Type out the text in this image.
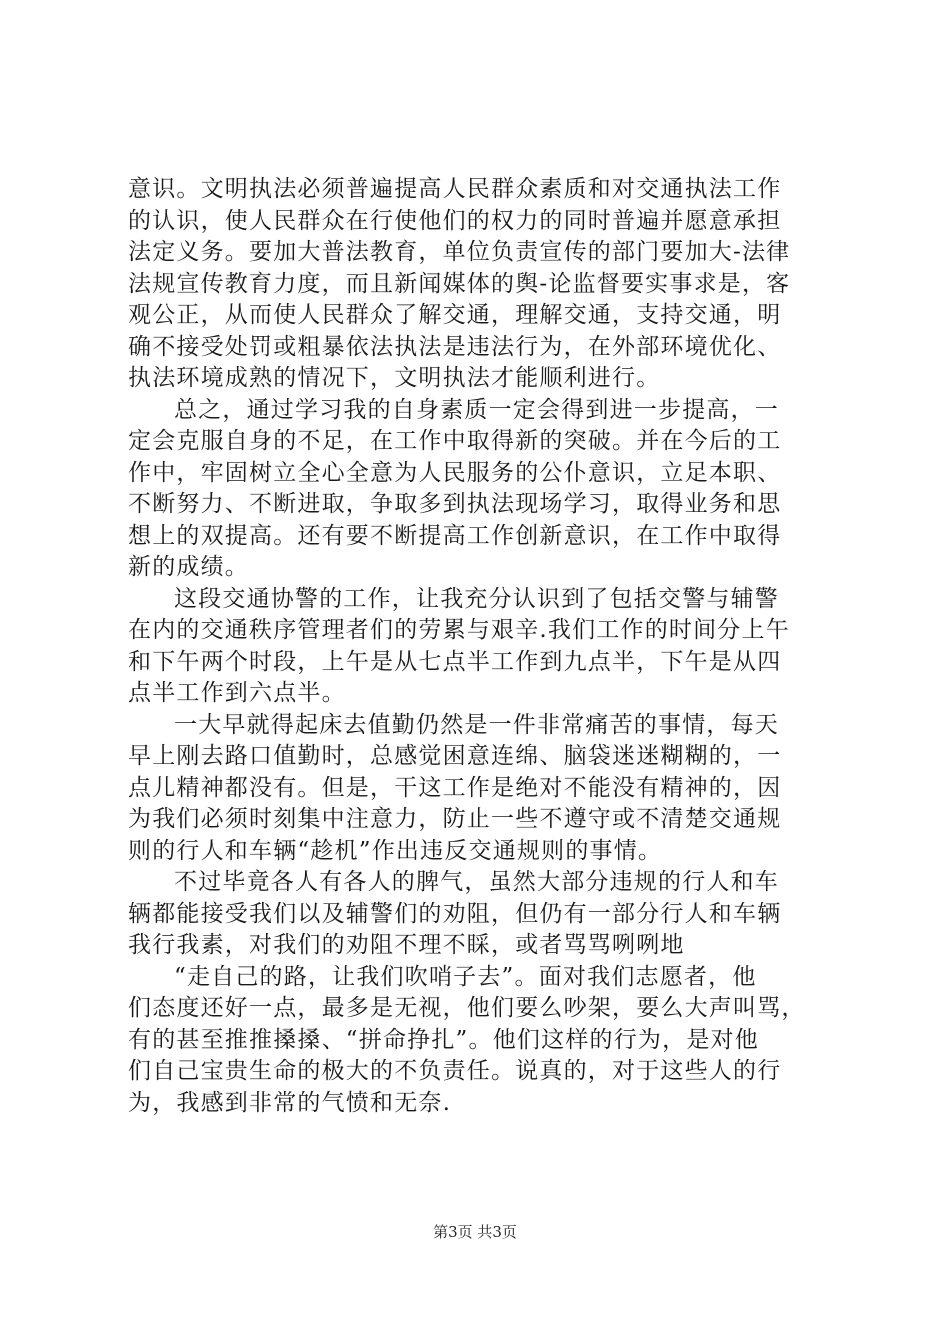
意识。文明执法必须普遍提高人民群众素质和对交通执法工作
的认识，使人民群众在行使他们的权力的同时普遍并愿意承担
法定义务。要加大普法教育，单位负责宣传的部门要加大-法律
法规宣传教育力度，而且新闻媒体的舆-论监督要实事求是，客
观公正，从而使人民群众了解交通，理解交通，支持交通，明
确不接受处罚或粗暴依法执法是违法行为，在外部环境优化、
执法环境成熟的情况下，文明执法才能顺利进行。
总之，通过学习我的自身素质一定会得到进一步提高，一
定会克服自身的不足，在工作中取得新的突破。并在今后的工
作中，牢固树立全心全意为人民服务的公仆意识，立足本职、
不断努力、不断进取，争取多到执法现场学习，取得业务和思
想上的双提高。还有要不断提高工作创新意识，在工作中取得
新的成绩。
这段交通协警的工作，让我充分认识到了包括交警与辅警
在内的交通秩序管理者们的劳累与艰辛.我们工作的时间分上午
和下午两个时段，上午是从七点半工作到九点半，下午是从四
点半工作到六点半。
一大早就得起床去值勤仍然是一件非常痛苦的事情，每天
早上刚去路口值勤时，总感觉困意连绵、脑袋迷迷糊糊的，一
点儿精神都没有。但是，干这工作是绝对不能没有精神的，因
为我们必须时刻集中注意力，防止一些不遵守或不清楚交通规
则的行人和车辆“趁机”作出违反交通规则的事情。
不过毕竟各人有各人的脾气，虽然大部分违规的行人和车
辆都能接受我们以及辅警们的劝阻，但仍有一部分行人和车辆
我行我素，对我们的劝阻不理不睬，或者骂骂咧咧地
“走自己的路，让我们吹哨子去”。面对我们志愿者，他
们态度还好一点，最多是无视，他们要么吵架，要么大声叫骂，
有的甚至推推搡搡、“拼命挣扎”。他们这样的行为，是对他
们自己宝贵生命的极大的不负责任。说真的，对于这些人的行
为，我感到非常的气愤和无奈.
第3页 共3页
